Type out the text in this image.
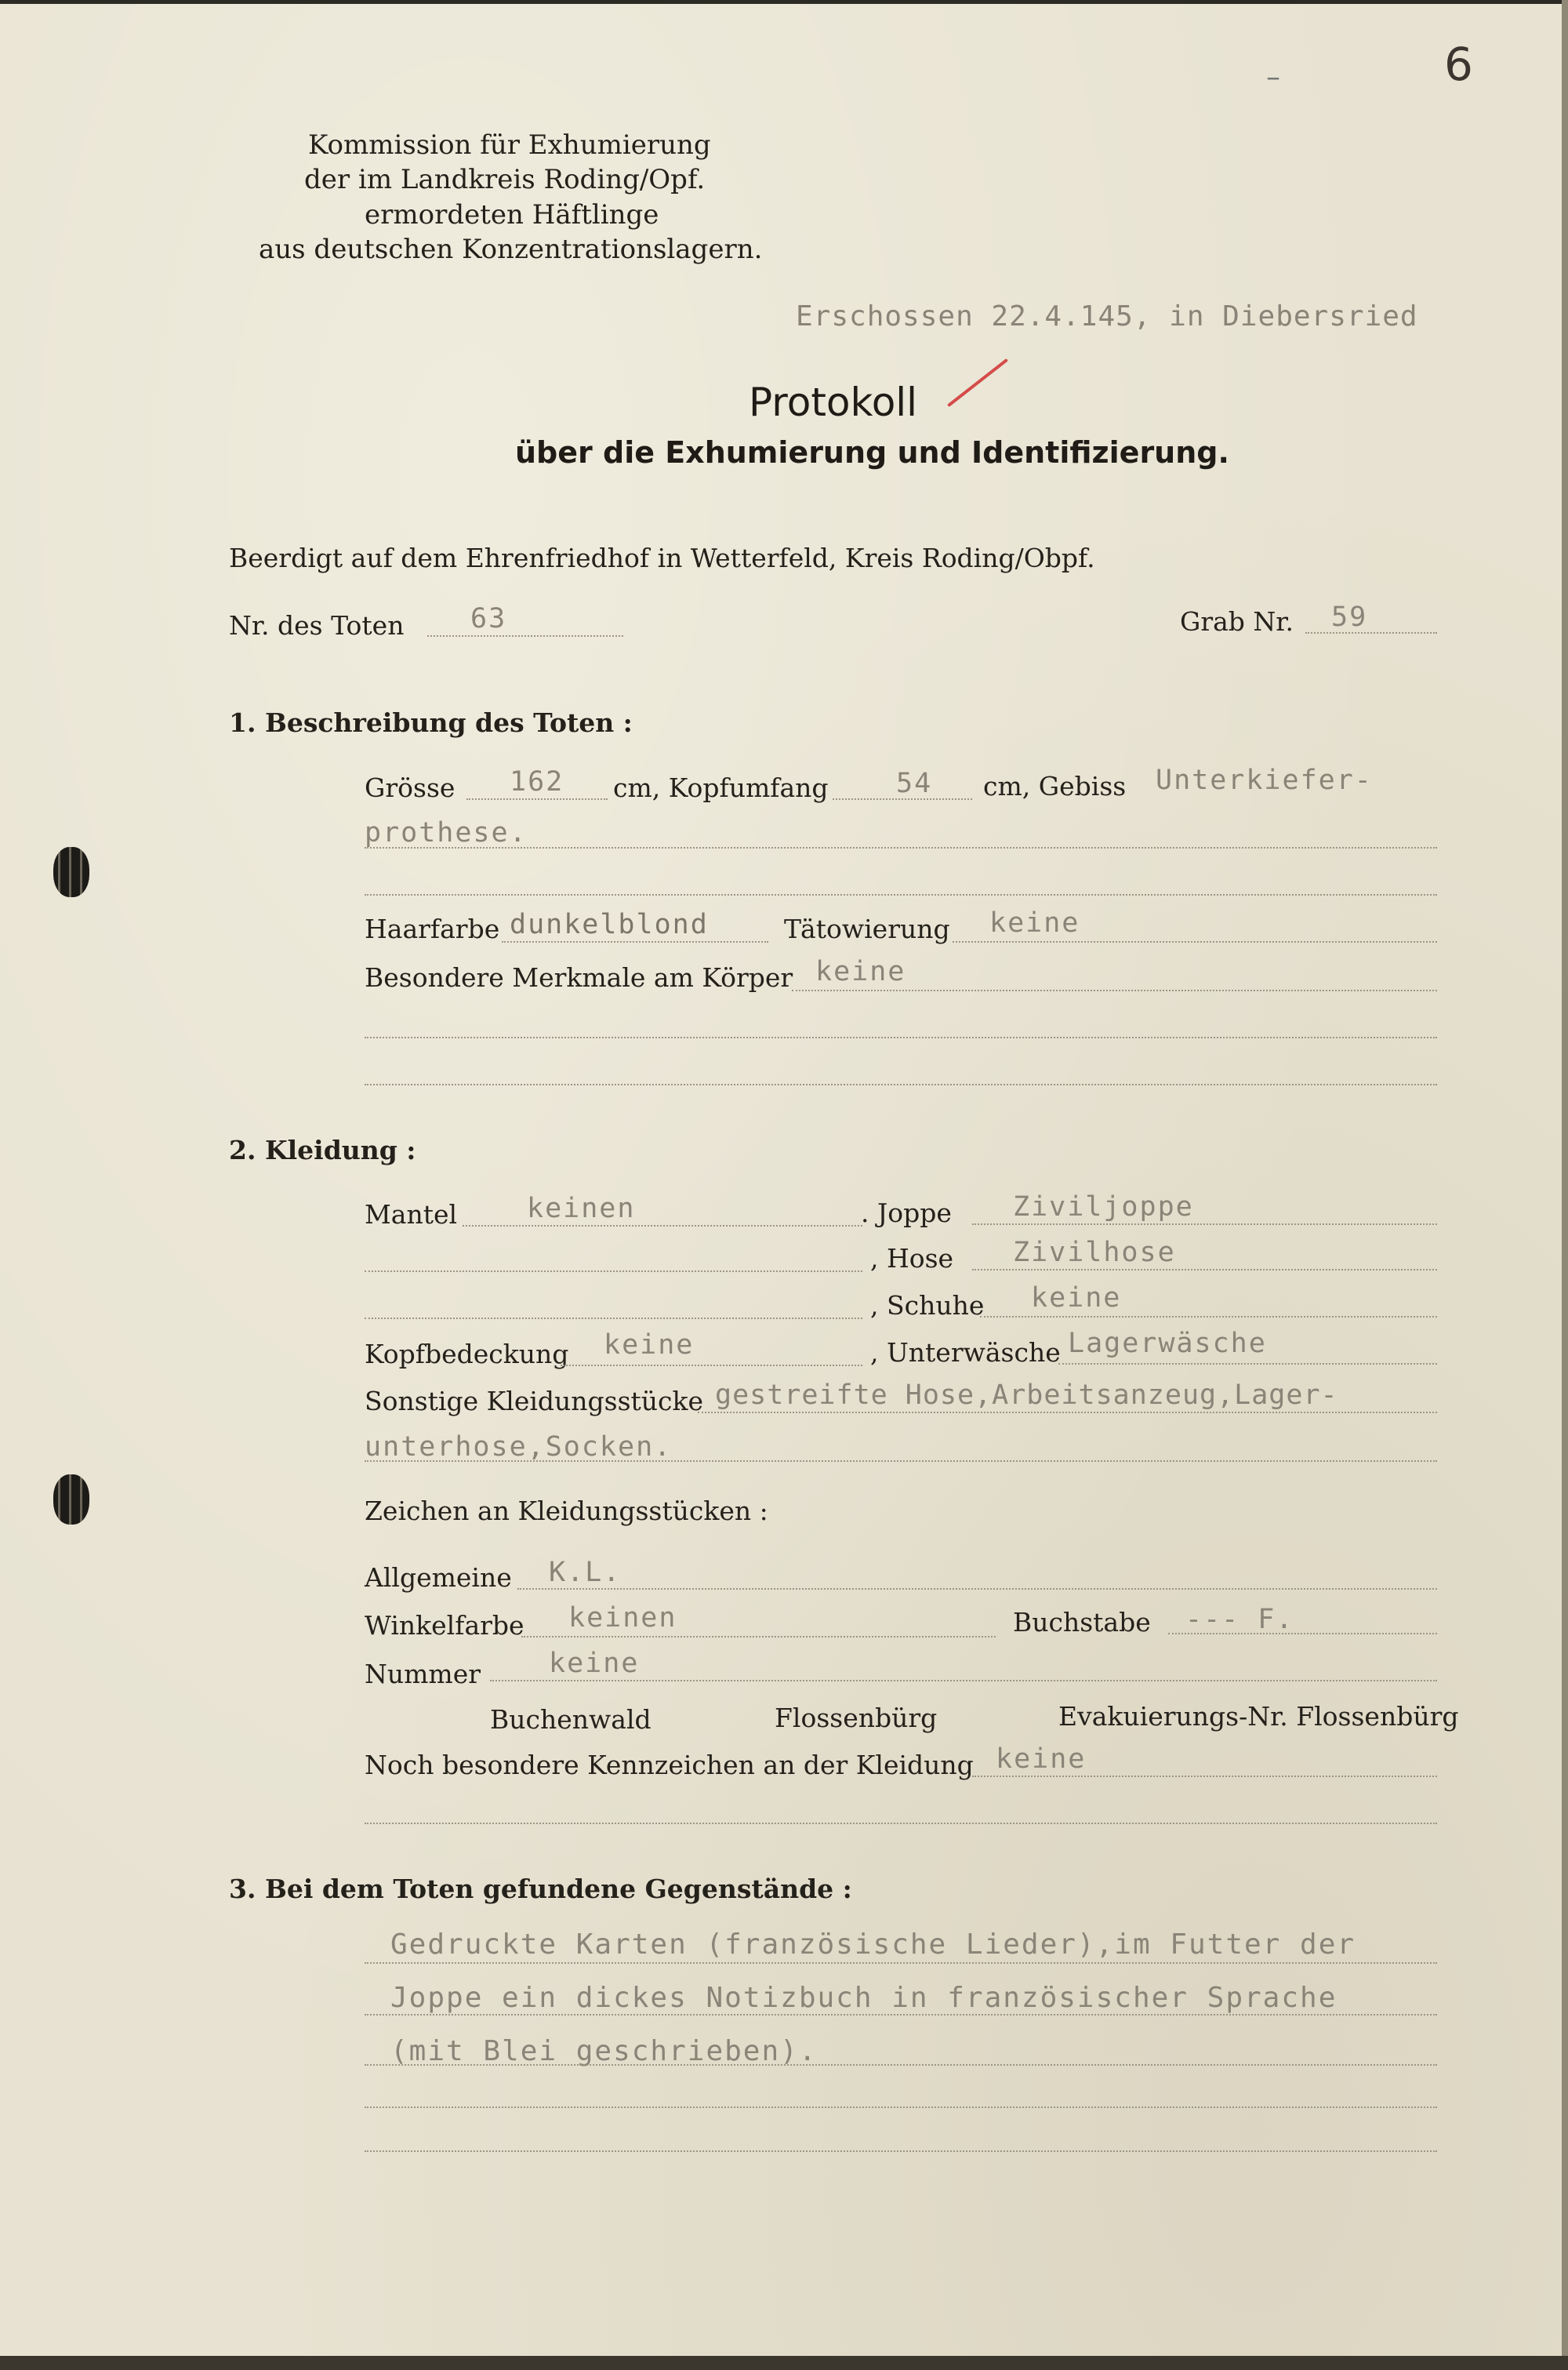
6
–
Kommission für Exhumierung
der im Landkreis Roding/Opf.
ermordeten Häftlinge
aus deutschen Konzentrationslagern.
Erschossen 22.4.145, in Diebersried
Protokoll
über die Exhumierung und Identifizierung.
Beerdigt auf dem Ehrenfriedhof in Wetterfeld, Kreis Roding/Obpf.
Nr. des Toten 63	Grab Nr. 59
1. Beschreibung des Toten :
Grösse 162 cm, Kopfumfang 54 cm, Gebiss Unterkiefer-
prothese.
Haarfarbe dunkelblond	Tätowierung keine
Besondere Merkmale am Körper keine
2. Kleidung :
Mantel	keinen	. Joppe Ziviljoppe
, Hose Zivilhose
, Schuhe keine
Kopfbedeckung keine	, Unterwäsche Lagerwäsche
Sonstige Kleidungsstücke gestreifte Hose,Arbeitsanzeug,Lager-
unterhose,Socken.
Zeichen an Kleidungsstücken :
Allgemeine K.L.
Winkelfarbe keinen	Buchstabe --- F.
Nummer keine
Buchenwald	Flossenbürg	Evakuierungs-Nr. Flossenbürg
Noch besondere Kennzeichen an der Kleidung keine
3. Bei dem Toten gefundene Gegenstände :
Gedruckte Karten (französische Lieder),im Futter der
Joppe ein dickes Notizbuch in französischer Sprache
(mit Blei geschrieben).
